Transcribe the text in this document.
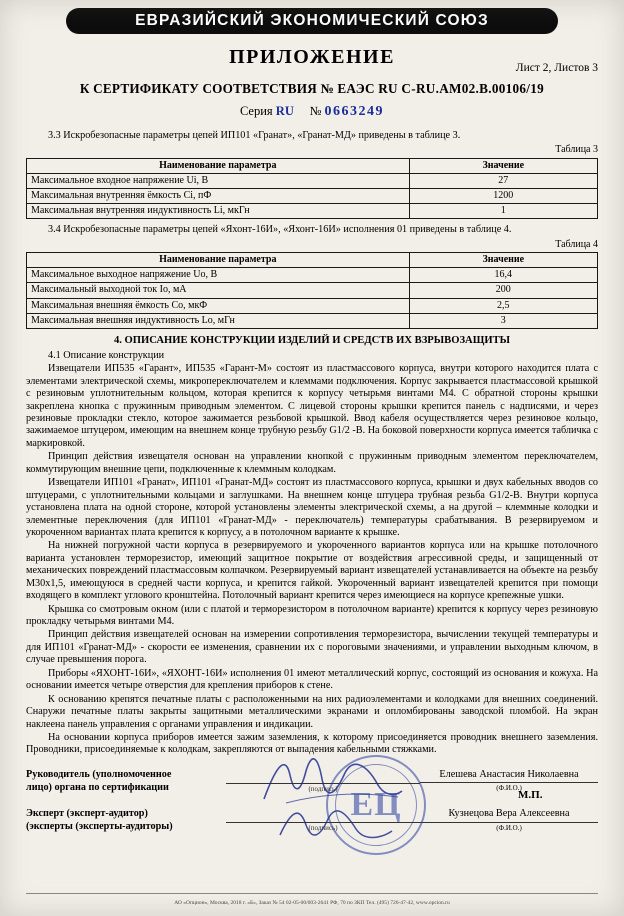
ЕВРАЗИЙСКИЙ ЭКОНОМИЧЕСКИЙ СОЮЗ
ПРИЛОЖЕНИЕ	Лист 2, Листов 3
К СЕРТИФИКАТУ СООТВЕТСТВИЯ № ЕАЭС RU C-RU.AM02.B.00106/19
Серия RU № 0663249

3.3 Искробезопасные параметры цепей ИП101 «Гранат», «Гранат-МД» приведены в таблице 3.

Таблица 3
Наименование параметра	Значение
Максимальное входное напряжение Ui, В	27
Максимальная внутренняя ёмкость Ci, пФ	1200
Максимальная внутренняя индуктивность Li, мкГн	1

3.4 Искробезопасные параметры цепей «Яхонт-16И», «Яхонт-16И» исполнения 01 приведены в таблице 4.

Таблица 4
Наименование параметра	Значение
Максимальное выходное напряжение Uo, В	16,4
Максимальный выходной ток Io, мА	200
Максимальная внешняя ёмкость Co, мкФ	2,5
Максимальная внешняя индуктивность Lo, мГн	3
4. ОПИСАНИЕ КОНСТРУКЦИИ ИЗДЕЛИЙ И СРЕДСТВ ИХ ВЗРЫВОЗАЩИТЫ

4.1 Описание конструкции

Извещатели ИП535 «Гарант», ИП535 «Гарант-М» состоят из пластмассового корпуса, внутри которого находится плата с элементами электрической схемы, микропереключателем и клеммами подключения. Корпус закрывается пластмассовой крышкой с резиновым уплотнительным кольцом, которая крепится к корпусу четырьмя винтами М4. С обратной стороны крышки закреплена кнопка с пружинным приводным элементом. С лицевой стороны крышки крепится панель с надписями, и через резиновые прокладки стекло, которое зажимается резьбовой крышкой. Ввод кабеля осуществляется через резиновое кольцо, зажимаемое штуцером, имеющим на внешнем конце трубную резьбу G1/2 -В. На боковой поверхности корпуса имеется табличка с маркировкой.

Принцип действия извещателя основан на управлении кнопкой с пружинным приводным элементом переключателем, коммутирующим внешние цепи, подключенные к клеммным колодкам.

Извещатели ИП101 «Гранат», ИП101 «Гранат-МД» состоят из пластмассового корпуса, крышки и двух кабельных вводов со штуцерами, с уплотнительными кольцами и заглушками. На внешнем конце штуцера трубная резьба G1/2-В. Внутри корпуса установлена плата на одной стороне, которой установлены элементы электрической схемы, а на другой – клеммные колодки и элементные переключения (для ИП101 «Гранат-МД» - переключатель) температуры срабатывания. В резервируемом и укороченном вариантах плата крепится к корпусу, а в потолочном варианте к крышке.

На нижней погружной части корпуса в резервируемого и укороченного вариантов корпуса или на крышке потолочного варианта установлен терморезистор, имеющий защитное покрытие от воздействия агрессивной среды, и защищенный от механических повреждений пластмассовым колпачком. Резервируемый вариант извещателей устанавливается на объекте на резьбу М30х1,5, имеющуюся в средней части корпуса, и крепится гайкой. Укороченный вариант извещателей крепится при помощи входящего в комплект углового кронштейна. Потолочный вариант крепится через имеющиеся на корпусе крепежные ушки.

Крышка со смотровым окном (или с платой и терморезистором в потолочном варианте) крепится к корпусу через резиновую прокладку четырьмя винтами М4.

Принцип действия извещателей основан на измерении сопротивления терморезистора, вычислении текущей температуры и для ИП101 «Гранат-МД» - скорости ее изменения, сравнении их с пороговыми значениями, и управлении выходным ключом, в случае превышения порога.

Приборы «ЯХОНТ-16И», «ЯХОНТ-16И» исполнения 01 имеют металлический корпус, состоящий из основания и кожуха. На основании имеется четыре отверстия для крепления приборов к стене.

К основанию крепятся печатные платы с расположенными на них радиоэлементами и колодками для внешних соединений. Снаружи печатные платы закрыты защитными металлическими экранами и опломбированы заводской пломбой. На экран наклеена панель управления с органами управления и индикации.

На основании корпуса приборов имеется зажим заземления, к которому присоединяется проводник внешнего заземления. Проводники, присоединяемые к колодкам, закрепляются от выпадения кабельными стяжками.

ЕЦ
Руководитель (уполномоченное
лицо) органа по сертификации	(подпись)	М.П.
Елешева Анастасия Николаевна
(Ф.И.О.)
Эксперт (эксперт-аудитор)
(эксперты (эксперты-аудиторы)	(подпись)
Кузнецова Вера Алексеевна
(Ф.И.О.)
АО «Опцион», Москва, 2018 г. «Б», Заказ № 54 02-05-00/003-2641 РФ, 70 по ЗКП Тел. (495) 726-47-42, www.opcion.ru
